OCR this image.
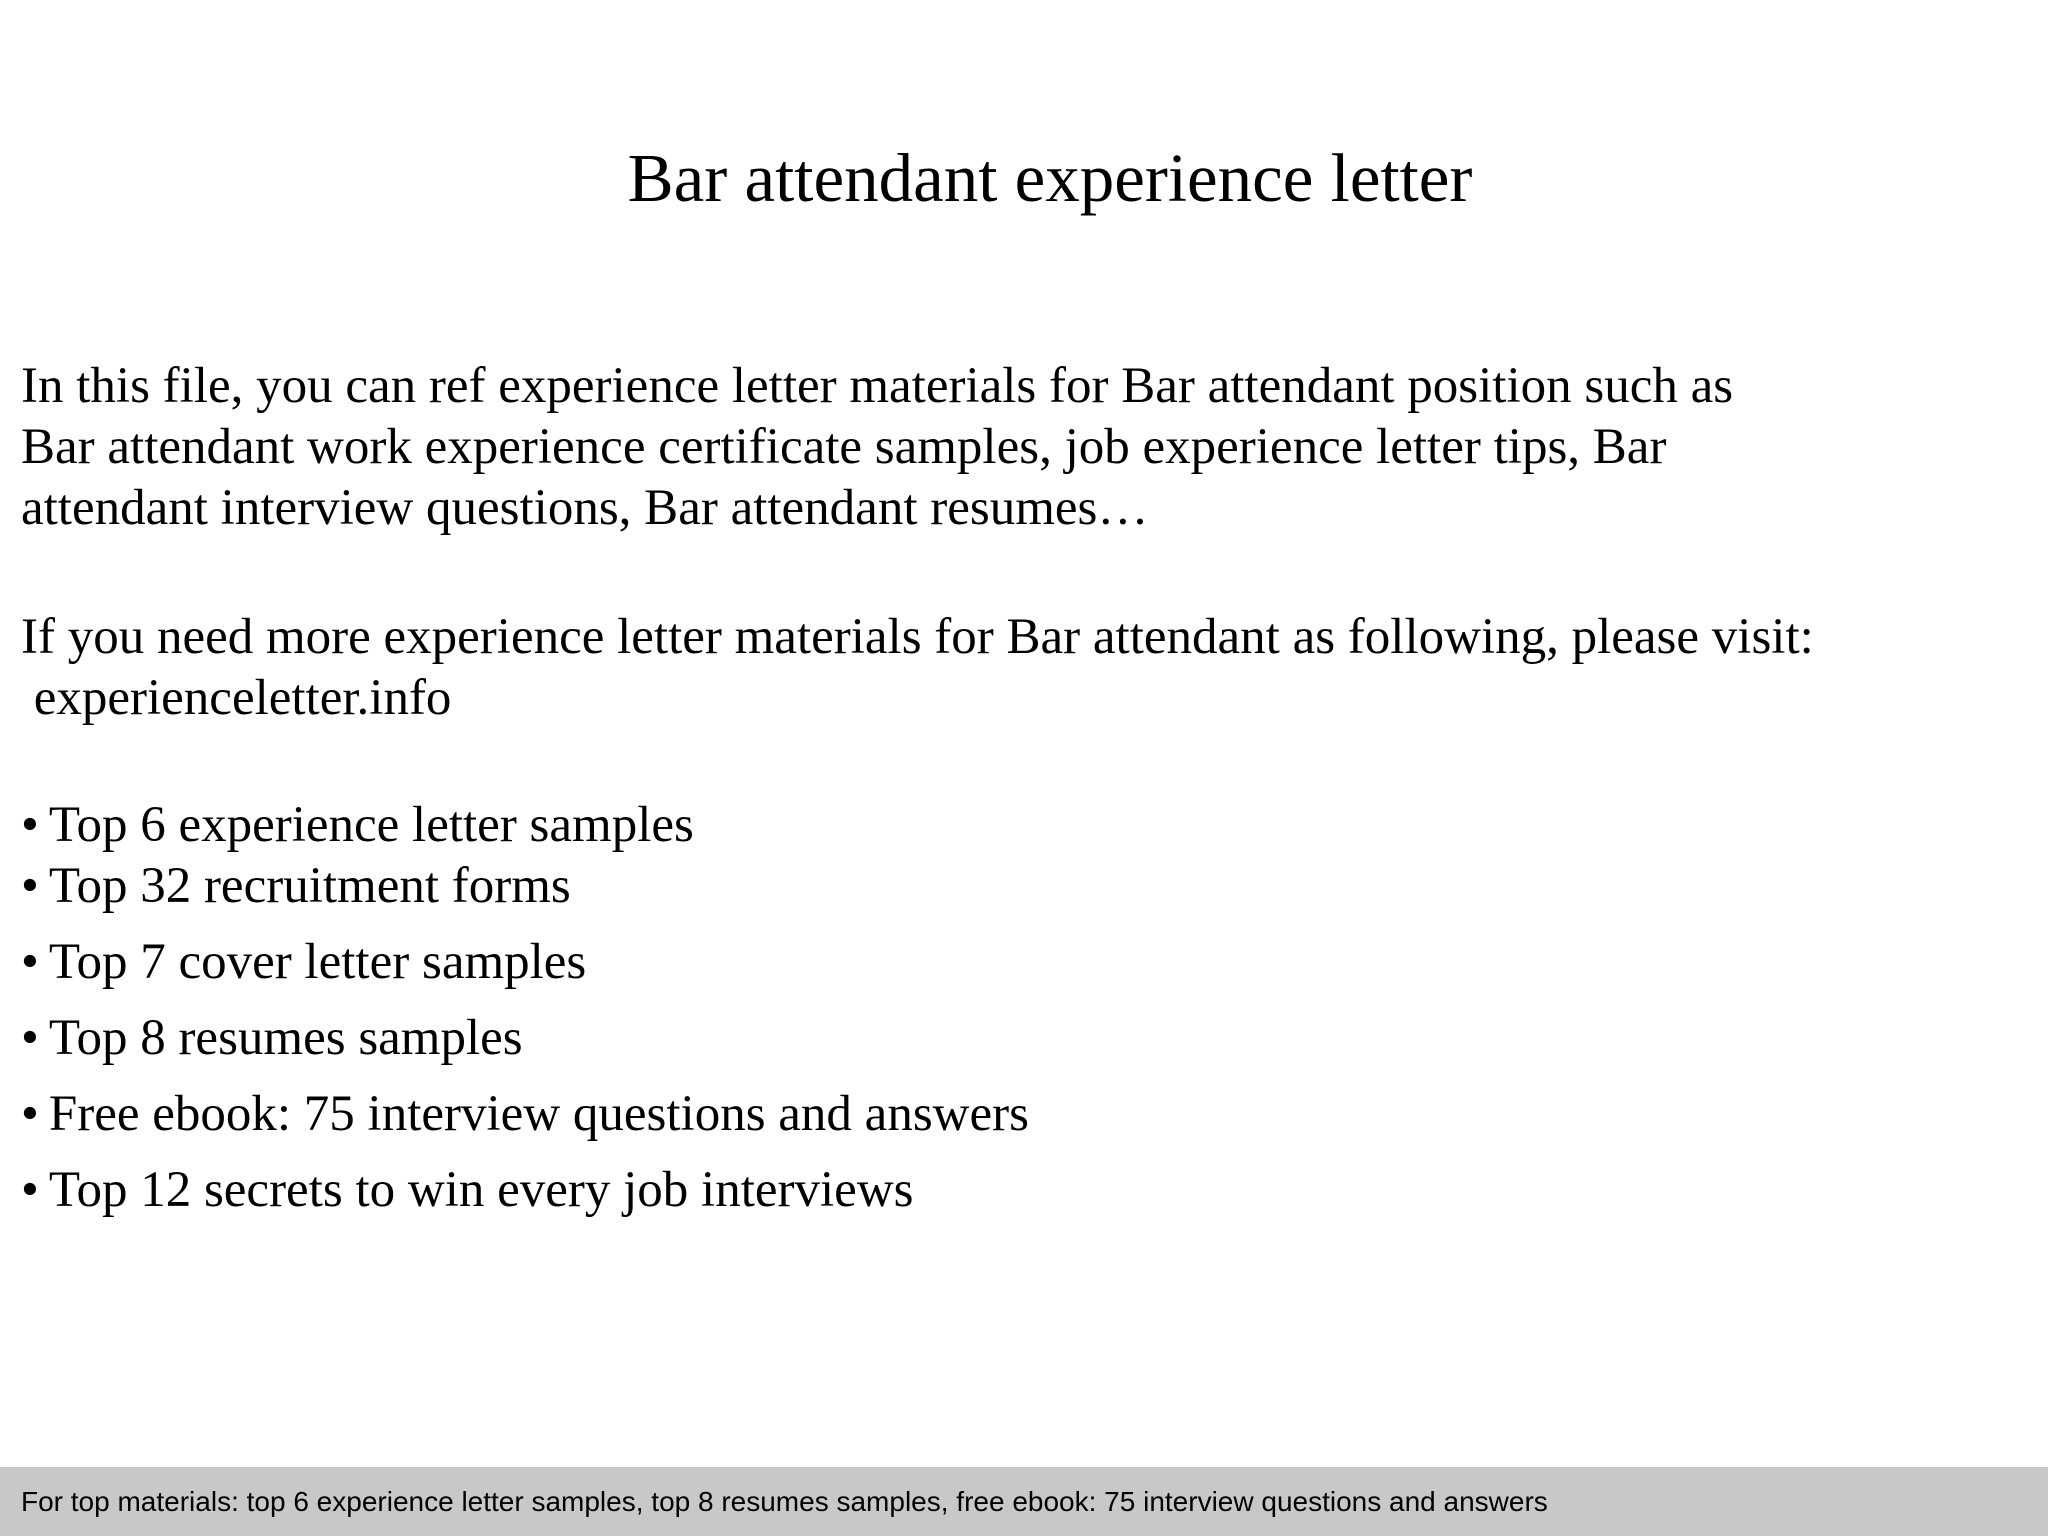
Bar attendant experience letter
In this file, you can ref experience letter materials for Bar attendant position such as
Bar attendant work experience certificate samples, job experience letter tips, Bar
attendant interview questions, Bar attendant resumes…
If you need more experience letter materials for Bar attendant as following, please visit:
experienceletter.info
• Top 6 experience letter samples
• Top 32 recruitment forms
• Top 7 cover letter samples
• Top 8 resumes samples
• Free ebook: 75 interview questions and answers
• Top 12 secrets to win every job interviews
For top materials: top 6 experience letter samples, top 8 resumes samples, free ebook: 75 interview questions and answers
